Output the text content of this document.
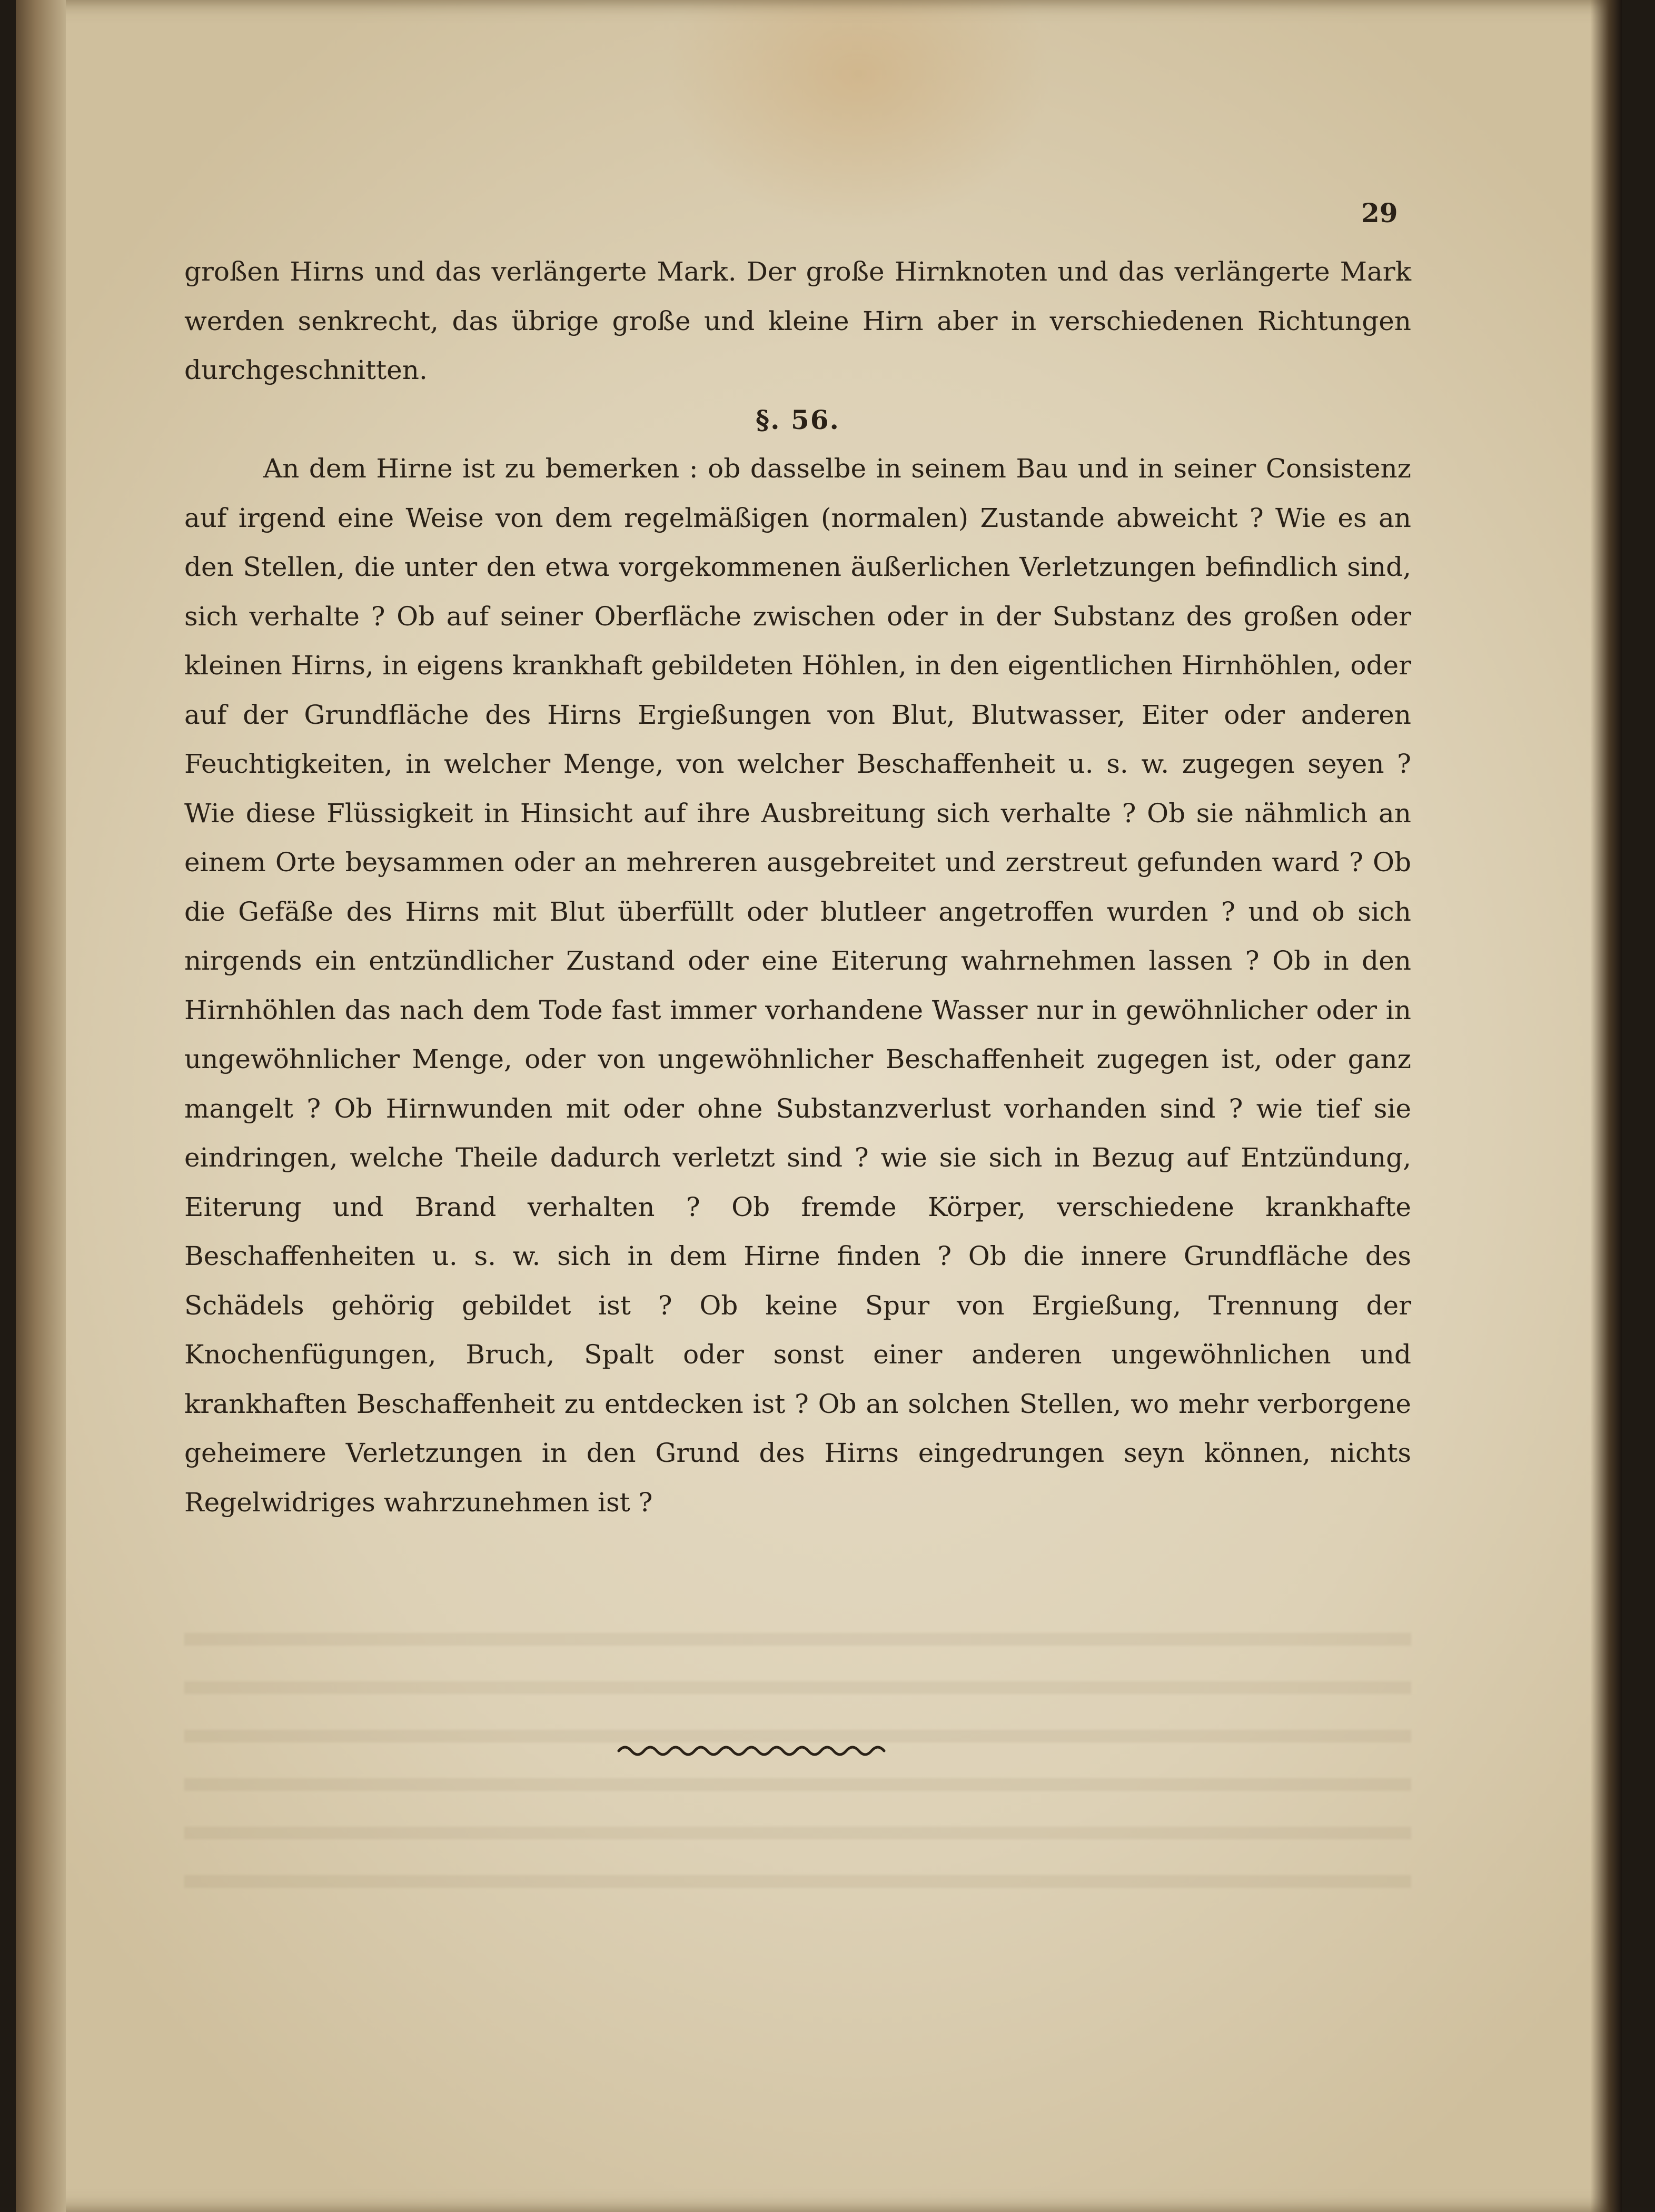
29

großen Hirns und das verlängerte Mark. Der große Hirnknoten und das verlängerte Mark werden senkrecht, das übrige große und kleine Hirn aber in verschiedenen Richtungen durchgeschnitten.

§. 56.

An dem Hirne ist zu bemerken : ob dasselbe in seinem Bau und in seiner Consistenz auf irgend eine Weise von dem regelmäßigen (normalen) Zustande abweicht ? Wie es an den Stellen, die unter den etwa vorgekommenen äußerlichen Verletzungen befindlich sind, sich verhalte ? Ob auf seiner Oberfläche zwischen oder in der Substanz des großen oder kleinen Hirns, in eigens krankhaft gebildeten Höhlen, in den eigentlichen Hirnhöhlen, oder auf der Grundfläche des Hirns Ergießungen von Blut, Blutwasser, Eiter oder anderen Feuchtigkeiten, in welcher Menge, von welcher Beschaffenheit u. s. w. zugegen seyen ? Wie diese Flüssigkeit in Hinsicht auf ihre Ausbreitung sich verhalte ? Ob sie nähmlich an einem Orte beysammen oder an mehreren ausgebreitet und zerstreut gefunden ward ? Ob die Gefäße des Hirns mit Blut überfüllt oder blutleer angetroffen wurden ? und ob sich nirgends ein entzündlicher Zustand oder eine Eiterung wahrnehmen lassen ? Ob in den Hirnhöhlen das nach dem Tode fast immer vorhandene Wasser nur in gewöhnlicher oder in ungewöhnlicher Menge, oder von ungewöhnlicher Beschaffenheit zugegen ist, oder ganz mangelt ? Ob Hirnwunden mit oder ohne Substanzverlust vorhanden sind ? wie tief sie eindringen, welche Theile dadurch verletzt sind ? wie sie sich in Bezug auf Entzündung, Eiterung und Brand verhalten ? Ob fremde Körper, verschiedene krankhafte Beschaffenheiten u. s. w. sich in dem Hirne finden ? Ob die innere Grundfläche des Schädels gehörig gebildet ist ? Ob keine Spur von Ergießung, Trennung der Knochenfügungen, Bruch, Spalt oder sonst einer anderen ungewöhnlichen und krankhaften Beschaffenheit zu entdecken ist ? Ob an solchen Stellen, wo mehr verborgene geheimere Verletzungen in den Grund des Hirns eingedrungen seyn können, nichts Regelwidriges wahrzunehmen ist ?
